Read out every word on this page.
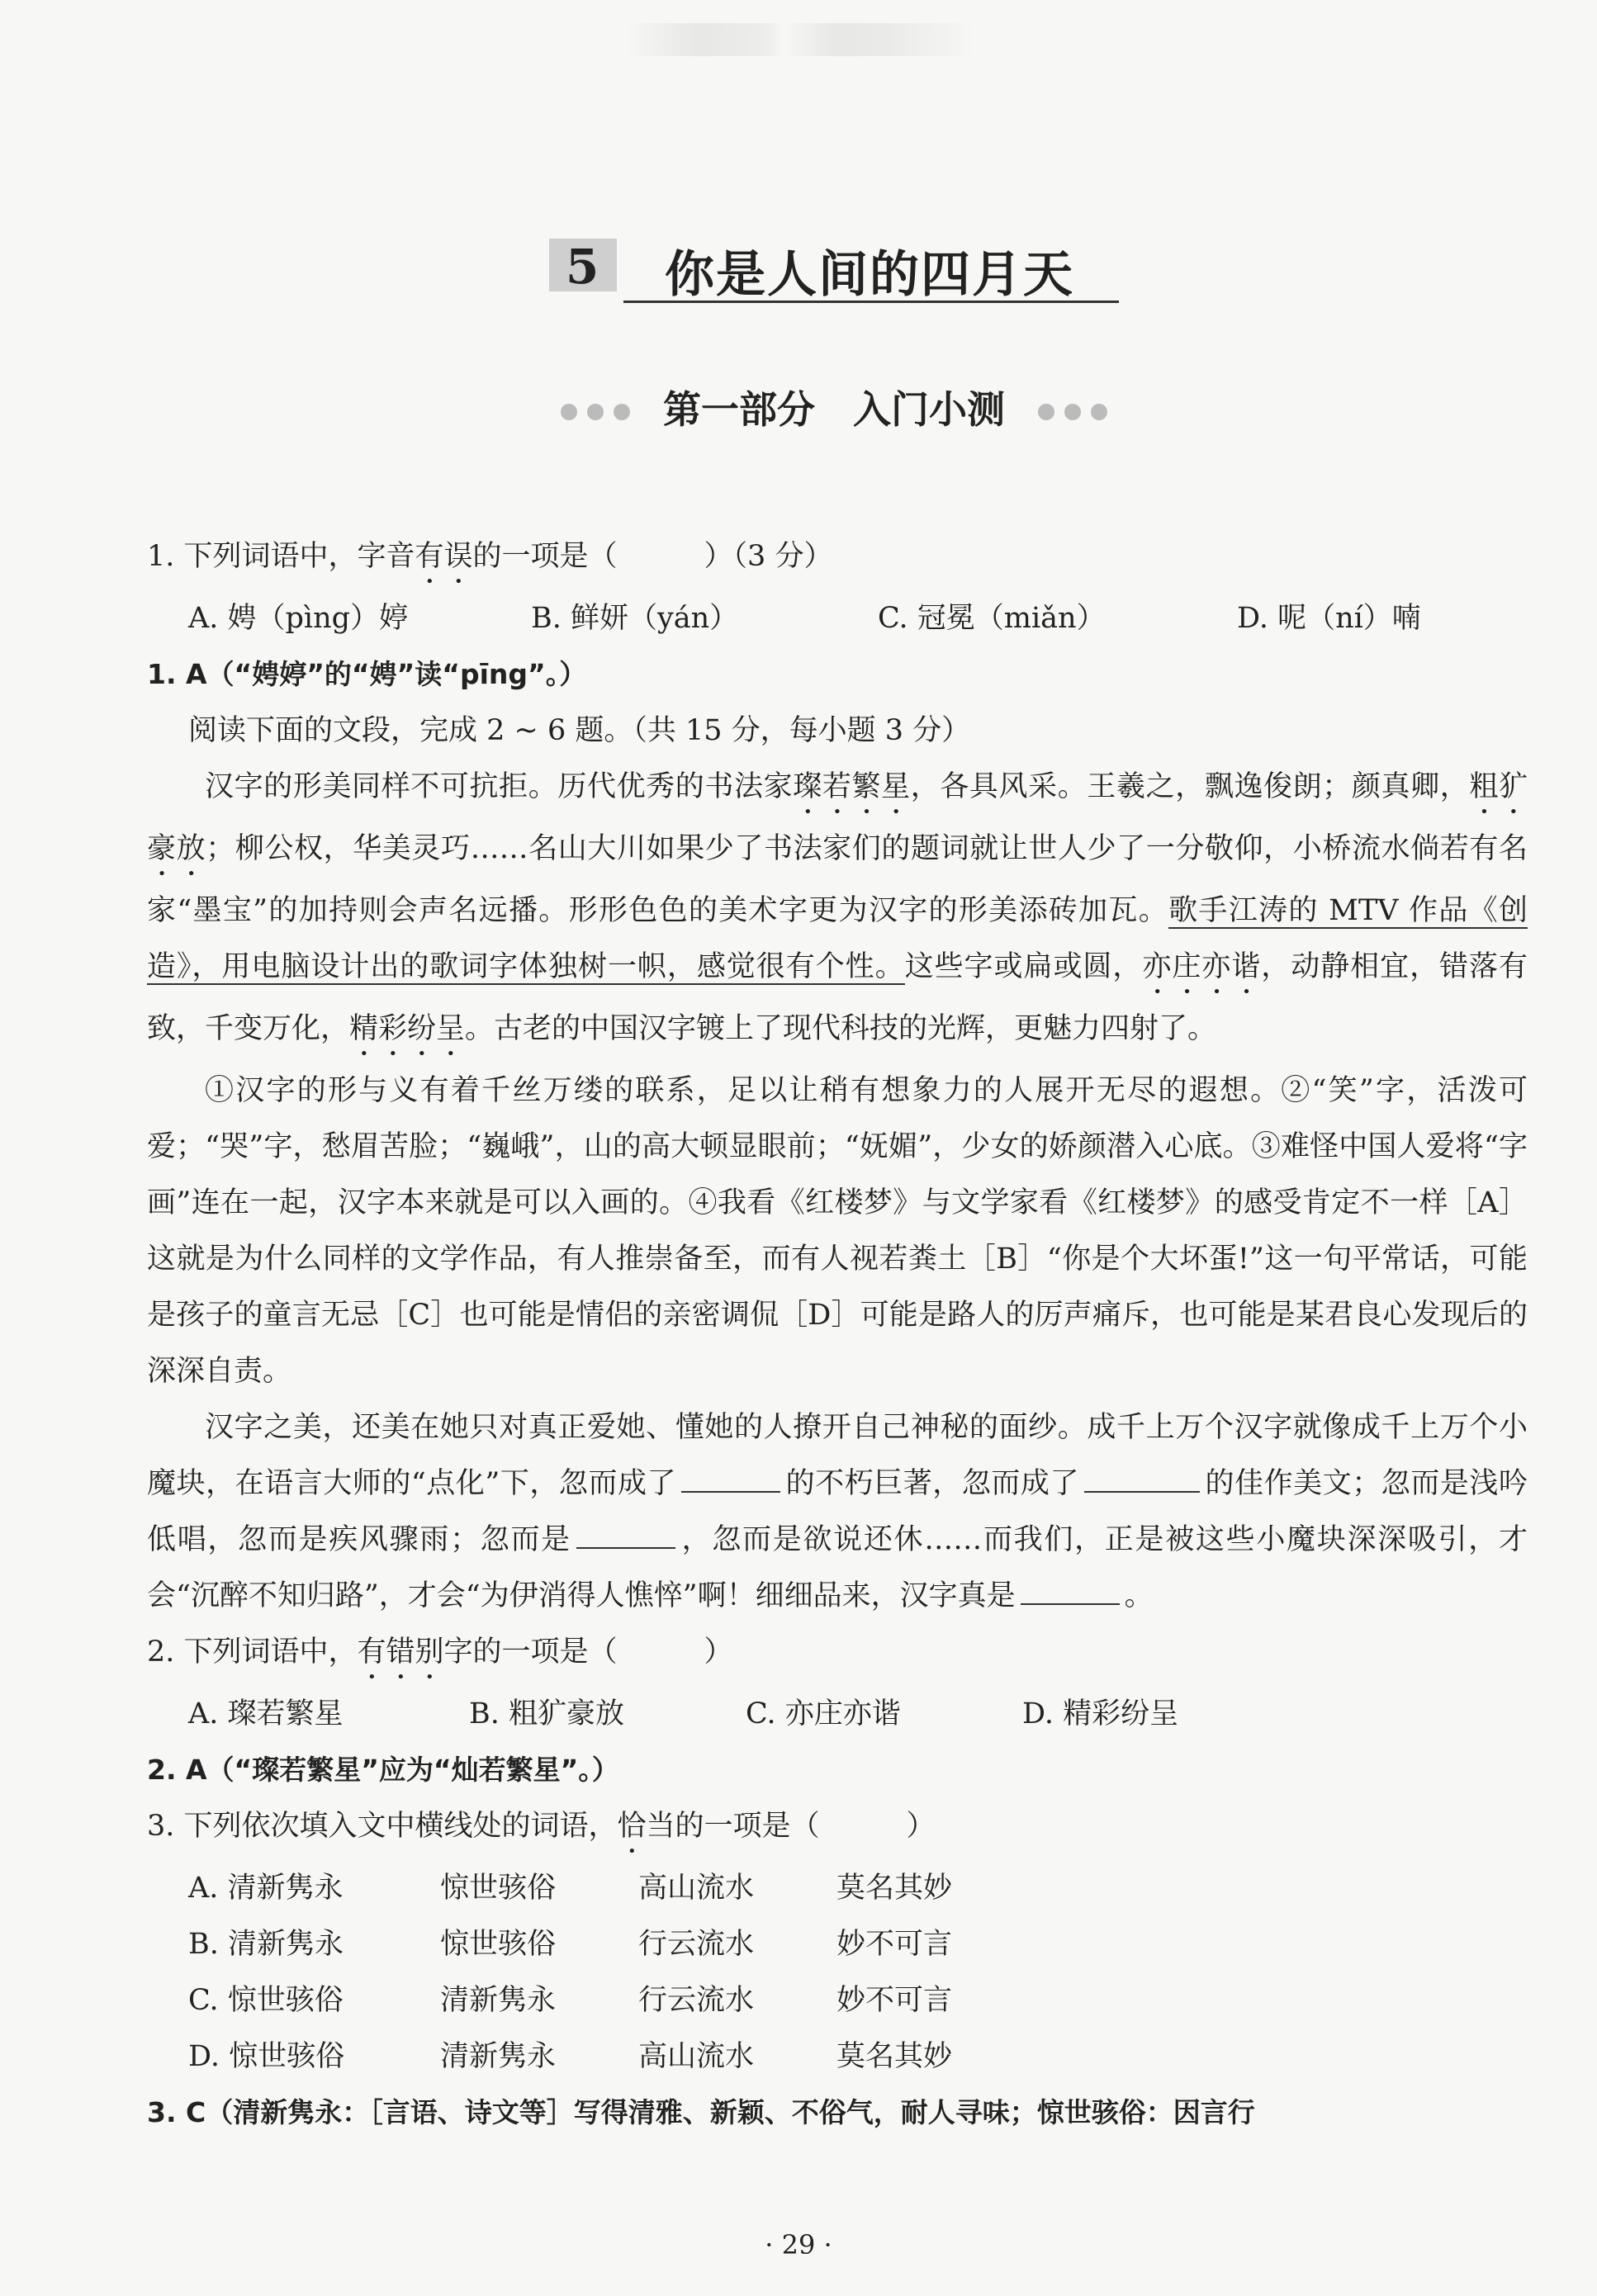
5 你是人间的四月天
第一部分　入门小测
1. 下列词语中，字音有误的一项是（　　　）（3 分）
A. 娉（pìng）婷	B. 鲜妍（yán）	C. 冠冕（miǎn）	D. 呢（ní）喃
1. A（“娉婷”的“娉”读“pīng”。）
阅读下面的文段，完成 2 ~ 6 题。（共 15 分，每小题 3 分）

汉字的形美同样不可抗拒。历代优秀的书法家璨若繁星，各具风采。王羲之，飘逸俊朗；颜真卿，粗犷豪放；柳公权，华美灵巧……名山大川如果少了书法家们的题词就让世人少了一分敬仰，小桥流水倘若有名家“墨宝”的加持则会声名远播。形形色色的美术字更为汉字的形美添砖加瓦。歌手江涛的 MTV 作品《创造》，用电脑设计出的歌词字体独树一帜，感觉很有个性。这些字或扁或圆，亦庄亦谐，动静相宜，错落有致，千变万化，精彩纷呈。古老的中国汉字镀上了现代科技的光辉，更魅力四射了。

①汉字的形与义有着千丝万缕的联系，足以让稍有想象力的人展开无尽的遐想。②“笑”字，活泼可爱；“哭”字，愁眉苦脸；“巍峨”，山的高大顿显眼前；“妩媚”，少女的娇颜潜入心底。③难怪中国人爱将“字画”连在一起，汉字本来就是可以入画的。④我看《红楼梦》与文学家看《红楼梦》的感受肯定不一样［A］这就是为什么同样的文学作品，有人推崇备至，而有人视若粪土［B］“你是个大坏蛋!”这一句平常话，可能是孩子的童言无忌［C］也可能是情侣的亲密调侃［D］可能是路人的厉声痛斥，也可能是某君良心发现后的深深自责。

汉字之美，还美在她只对真正爱她、懂她的人撩开自己神秘的面纱。成千上万个汉字就像成千上万个小魔块，在语言大师的“点化”下，忽而成了	的不朽巨著，忽而成了	的佳作美文；忽而是浅吟低唱，忽而是疾风骤雨；忽而是	，忽而是欲说还休……而我们，正是被这些小魔块深深吸引，才会“沉醉不知归路”，才会“为伊消得人憔悴”啊！细细品来，汉字真是	。

2. 下列词语中，有错别字的一项是（　　　）
A. 璨若繁星	B. 粗犷豪放	C. 亦庄亦谐	D. 精彩纷呈
2. A（“璨若繁星”应为“灿若繁星”。）
3. 下列依次填入文中横线处的词语，恰当的一项是（　　　）
A. 清新隽永	惊世骇俗	高山流水	莫名其妙
B. 清新隽永	惊世骇俗	行云流水	妙不可言
C. 惊世骇俗	清新隽永	行云流水	妙不可言
D. 惊世骇俗	清新隽永	高山流水	莫名其妙
3. C（清新隽永：［言语、诗文等］写得清雅、新颖、不俗气，耐人寻味；惊世骇俗：因言行
· 29 ·
